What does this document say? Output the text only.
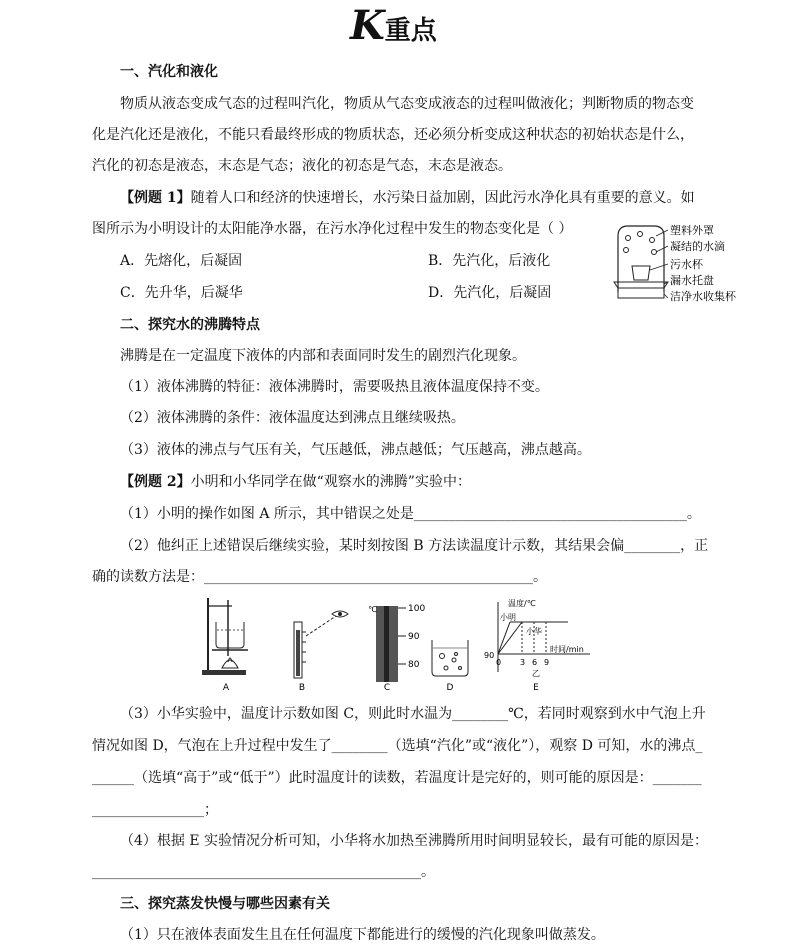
K重点
一、汽化和液化
物质从液态变成气态的过程叫汽化，物质从气态变成液态的过程叫做液化；判断物质的物态变
化是汽化还是液化，不能只看最终形成的物质状态，还必须分析变成这种状态的初始状态是什么，
汽化的初态是液态，末态是气态；液化的初态是气态，末态是液态。
【例题 1】随着人口和经济的快速增长，水污染日益加剧，因此污水净化具有重要的意义。如
图所示为小明设计的太阳能净水器，在污水净化过程中发生的物态变化是（ ）
A．先熔化，后凝固	B．先汽化，后液化
C．先升华，后凝华	D．先汽化，后凝固
塑料外罩
凝结的水滴
污水杯
漏水托盘
洁净水收集杯
二、探究水的沸腾特点
沸腾是在一定温度下液体的内部和表面同时发生的剧烈汽化现象。
（1）液体沸腾的特征：液体沸腾时，需要吸热且液体温度保持不变。
（2）液体沸腾的条件：液体温度达到沸点且继续吸热。
（3）液体的沸点与气压有关，气压越低，沸点越低；气压越高，沸点越高。
【例题 2】小明和小华同学在做“观察水的沸腾”实验中：
（1）小明的操作如图 A 所示，其中错误之处是_______________________________________。
（2）他纠正上述错误后继续实验，某时刻按图 B 方法读温度计示数，其结果会偏________，正
确的读数方法是：_______________________________________________。
A	B
℃	100
90
80
C	D
温度/℃
时间/min
小明
小华
90
0 3 6 9
乙
E
（3）小华实验中，温度计示数如图 C，则此时水温为________℃，若同时观察到水中气泡上升
情况如图 D，气泡在上升过程中发生了________（选填“汽化”或“液化”），观察 D 可知，水的沸点_
______（选填“高于”或“低于”）此时温度计的读数，若温度计是完好的，则可能的原因是：_______
________________；
（4）根据 E 实验情况分析可知，小华将水加热至沸腾所用时间明显较长，最有可能的原因是：
_______________________________________________。
三、探究蒸发快慢与哪些因素有关
（1）只在液体表面发生且在任何温度下都能进行的缓慢的汽化现象叫做蒸发。
